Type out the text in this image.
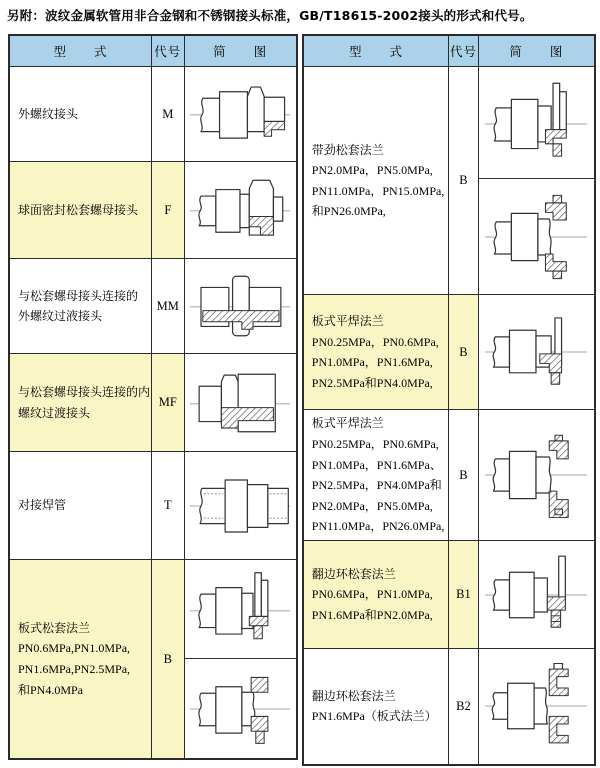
另附：波纹金属软管用非合金钢和不锈钢接头标准，GB/T18615-2002接头的形式和代号。
型　　式	代号	简　　图

外螺纹接头	M	

球面密封松套螺母接头	F	

与松套螺母接头连接的
外螺纹过液接头	MM	

与松套螺母接头连接的内
螺纹过渡接头	MF	

对接焊管	T	

板式松套法兰
PN0.6MPa,PN1.0MPa,
PN1.6MPa,PN2.5MPa,
和PN4.0MPa	B	

型　　式	代号	简　　图

带劲松套法兰
PN2.0MPa，PN5.0MPa,
PN11.0MPa，PN15.0MPa,
和PN26.0MPa,	B	

板式平焊法兰
PN0.25MPa，PN0.6MPa,
PN1.0MPa，PN1.6MPa,
PN2.5MPa和PN4.0MPa,	B	

板式平焊法兰
PN0.25MPa，PN0.6MPa,
PN1.0MPa，PN1.6MPa、
PN2.5MPa，PN4.0MPa和
PN2.0MPa，PN5.0MPa,
PN11.0MPa，PN26.0MPa,
	B	

翻边环松套法兰
PN0.6MPa，PN1.0MPa,
PN1.6MPa和PN2.0MPa,	B1	

翻边环松套法兰
PN1.6MPa（板式法兰）	B2	
